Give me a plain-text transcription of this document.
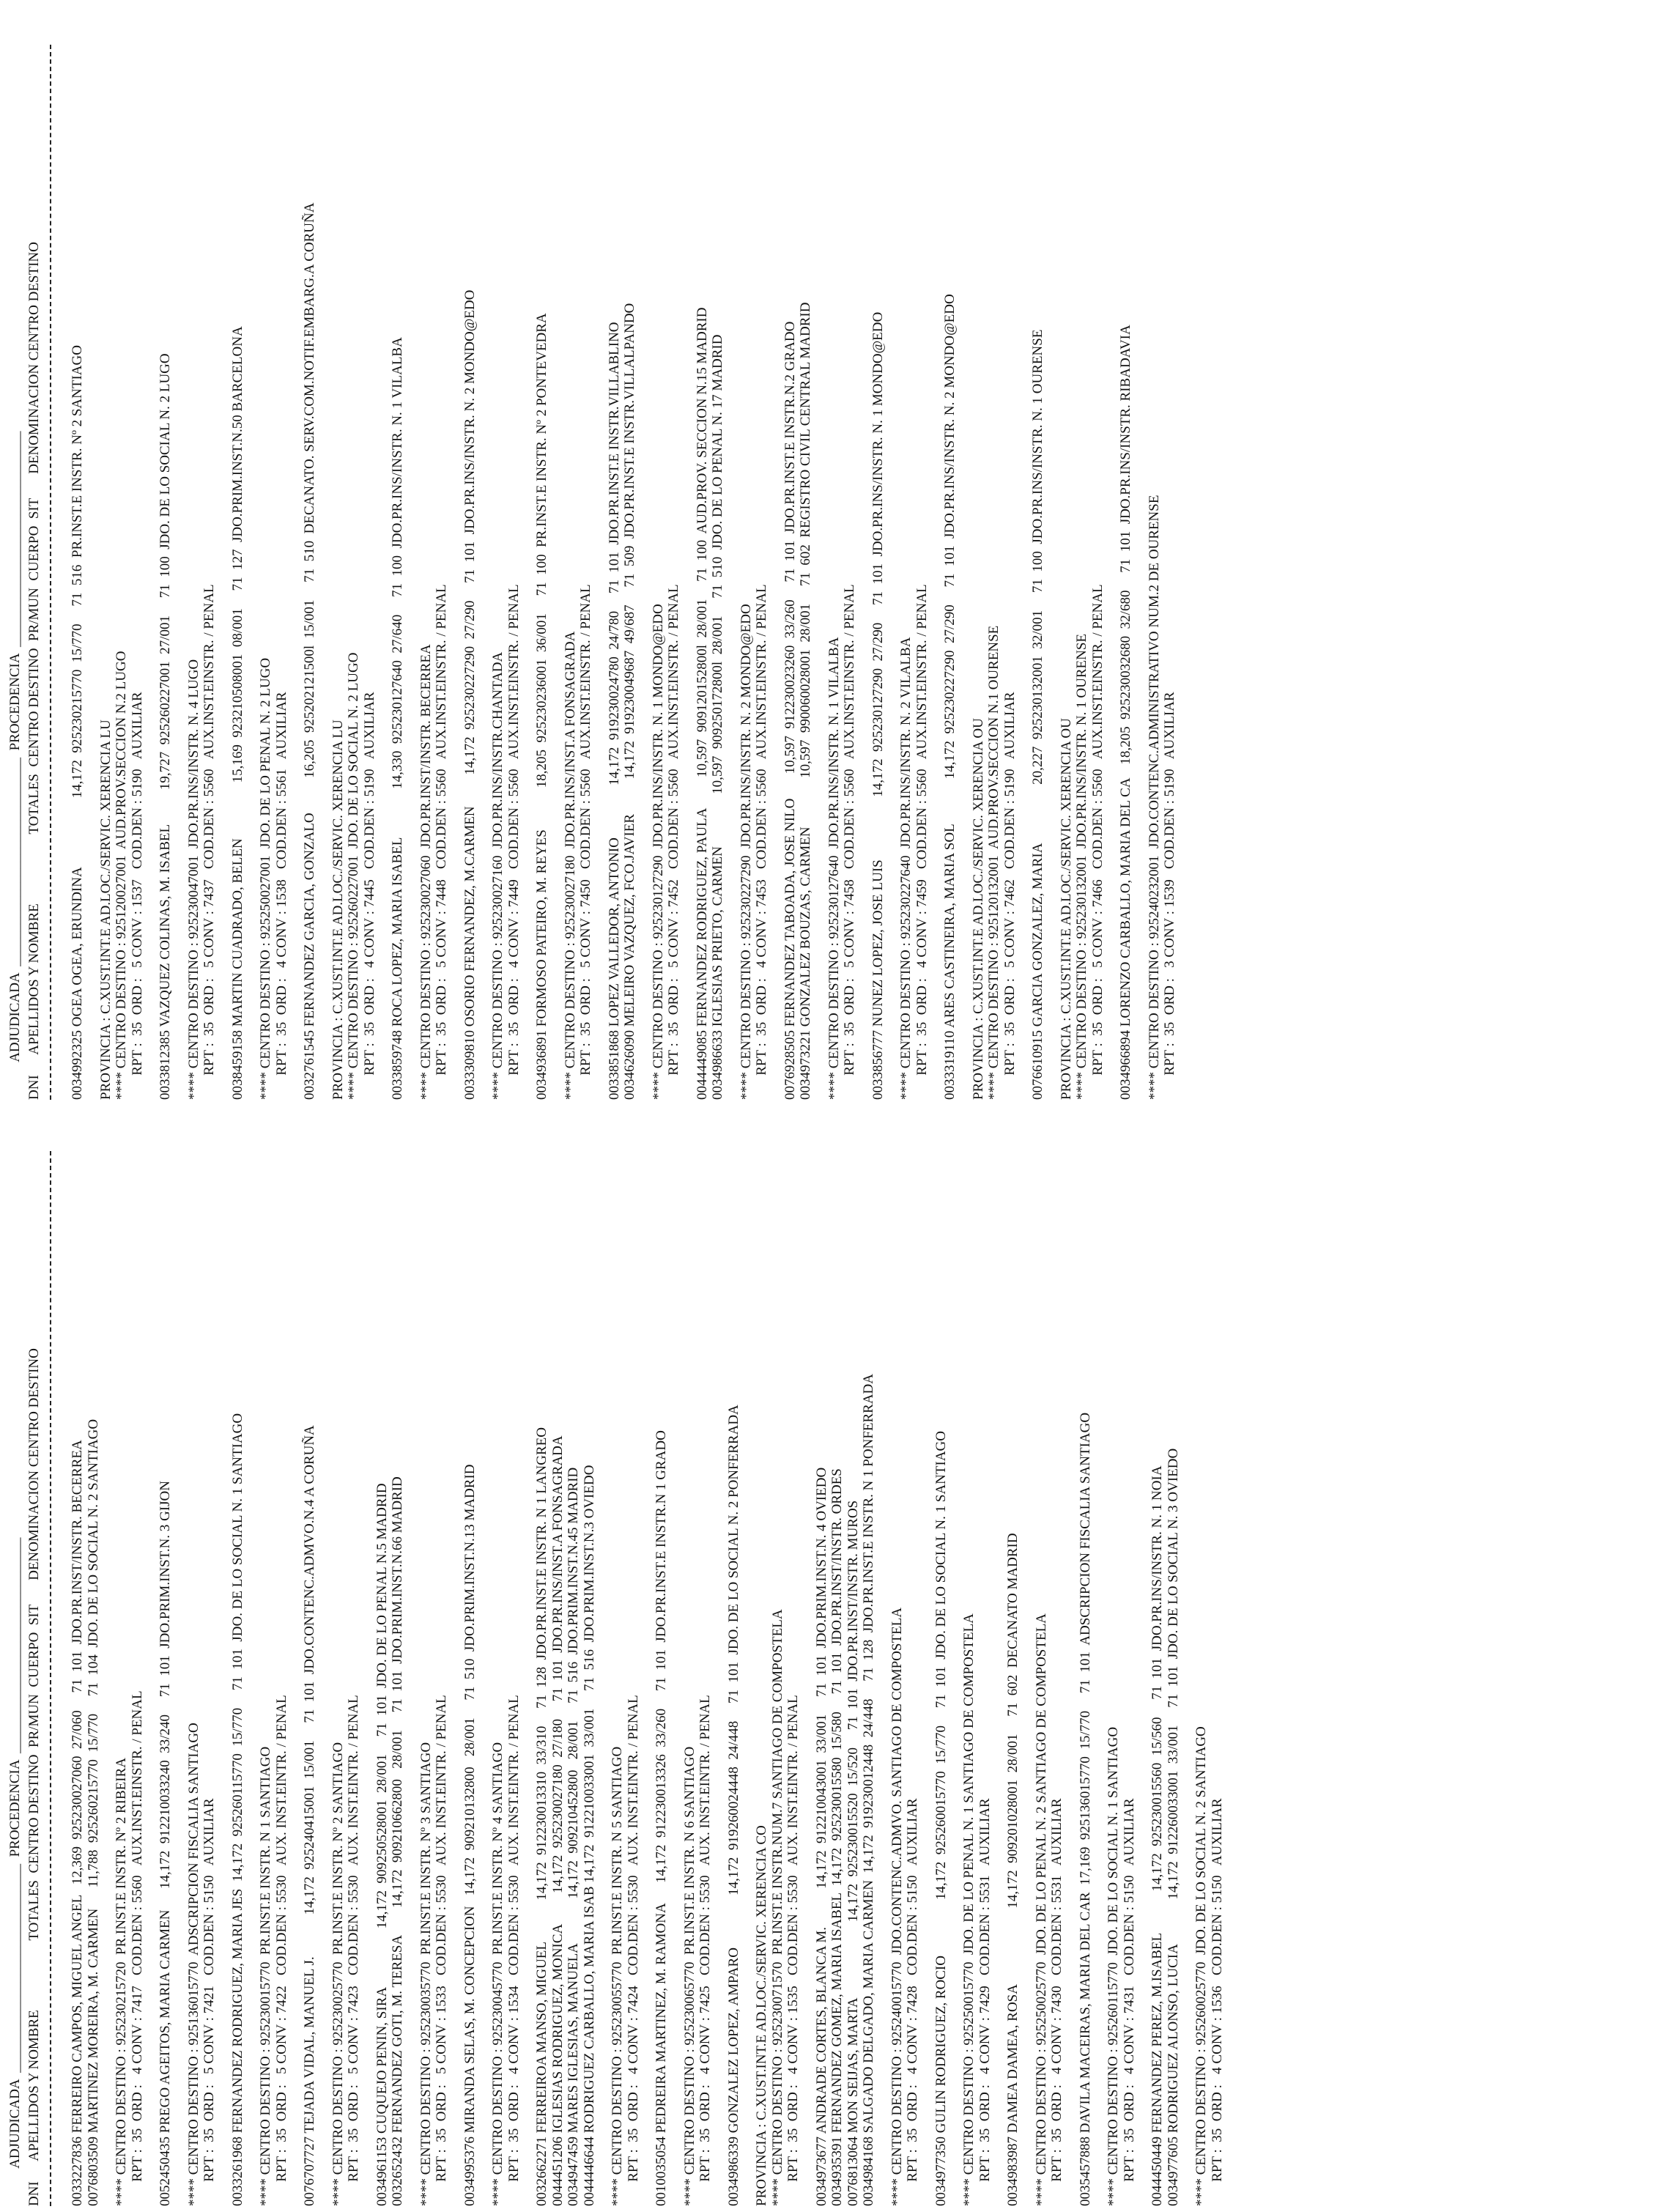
ADJUDICADA  ______________________________  PROCEDENCIA  _______________________________

DNI      APELLIDOS Y NOMBRE                    TOTALES  CENTRO DESTINO  PR/MUN  CUERPO  SIT       DENOMINACION CENTRO DESTINO

0033227836 FERREIRO CAMPOS, MIGUEL ANGEL   12,369  925230027060  27/060     71  101  JDO.PR.INST/INSTR. BECERREA 0076803509 MARTINEZ MOREIRA, M. CARMEN      11,788  925260215770  15/770     71  104  JDO. DE LO SOCIAL N. 2 SANTIAGO **** CENTRO DESTINO : 925230215720  PR.INST.E INSTR. Nº 2 RIBEIRA RPT :  35  ORD :   4 CONV : 7417   COD.DEN : 5560   AUX.INST.EINSTR. / PENAL 0052450435 PREGO AGEITOS, MARIA CARMEN      14,172  912210033240  33/240     71  101  JDO.PRIM.INST.N. 3 GIJON **** CENTRO DESTINO : 925136015770  ADSCRIPCION FISCALIA SANTIAGO RPT :  35  ORD :   5 CONV : 7421   COD.DEN : 5150   AUXILIAR 0033261968 FERNANDEZ RODRIGUEZ, MARIA JES  14,172  925260115770  15/770     71  101  JDO. DE LO SOCIAL N. 1 SANTIAGO **** CENTRO DESTINO : 925230015770  PR.INST.E INSTR. N 1 SANTIAGO RPT :  35  ORD :   5 CONV : 7422   COD.DEN : 5530   AUX. INST.EINTR. / PENAL 0076707727 TEJADA VIDAL, MANUEL J.            14,172  925240415001  15/001     71  101  JDO.CONTENC.ADMVO.N.4 A CORUÑA **** CENTRO DESTINO : 925230025770  PR.INST.E INSTR. Nº 2 SANTIAGO RPT :  35  ORD :   5 CONV : 7423   COD.DEN : 5530   AUX. INST.EINTR. / PENAL 0034961153 CUQUEJO PENIN, SIRA                 14,172  909250528001  28/001     71  101  JDO. DE LO PENAL N.5 MADRID 0032652432 FERNANDEZ GOTI, M. TERESA        14,172  909210662800   28/001     71  101  JDO.PRIM.INST.N.66 MADRID **** CENTRO DESTINO : 925230035770  PR.INST.E INSTR. Nº 3 SANTIAGO RPT :  35  ORD :   5 CONV : 1533   COD.DEN : 5530   AUX. INST.EINTR. / PENAL 0034995376 MIRANDA SELAS, M. CONCEPCION   14,172  909210132800   28/001     71  510  JDO.PRIM.INST.N.13 MADRID **** CENTRO DESTINO : 925230045770  PR.INST.E INSTR. Nº 4 SANTIAGO RPT :  35  ORD :   4 CONV : 1534   COD.DEN : 5530   AUX. INST.EINTR. / PENAL 0032662271 FERREIROA MANSO, MIGUEL            14,172  912230013310  33/310     71  128  JDO.PR.INST.E INSTR. N 1 LANGREO 0044451206 IGLESIAS RODRIGUEZ, MONICA         14,172  925230027180  27/180     71  101  JDO.PR.INS/INST.A FONSAGRADA 0034947459 MARES IGLESIAS, MANUELA             14,172  909210452800   28/001     71  516  JDO.PRIM.INST.N.45 MADRID 0044446644 RODRIGUEZ CARBALLO, MARIA ISAB 14,172  912210033001  33/001     71  516  JDO.PRIM.INST.N.3 OVIEDO **** CENTRO DESTINO : 925230055770  PR.INST.E INSTR. N 5 SANTIAGO RPT :  35  ORD :   4 CONV : 7424   COD.DEN : 5530   AUX. INST.EINTR. / PENAL 0010035054 PEDREIRA MARTINEZ, M. RAMONA      14,172  912230013326  33/260     71  101  JDO.PR.INST.E INSTR.N 1 GRADO **** CENTRO DESTINO : 925230065770  PR.INST.E INSTR. N 6 SANTIAGO RPT :  35  ORD :   4 CONV : 7425   COD.DEN : 5530   AUX. INST.EINTR. / PENAL 0034986339 GONZALEZ LOPEZ, AMPARO               14,172  919260024448  24/448     71  101  JDO. DE LO SOCIAL N. 2 PONFERRADA PROVINCIA : C.XUST.INT.E AD.LOC./SERVIC. XERENCIA CO **** CENTRO DESTINO : 925230071570  PR.INST.E INSTR.NUM.7 SANTIAGO DE COMPOSTELA RPT :  35  ORD :   4 CONV : 1535   COD.DEN : 5530   AUX. INST.EINTR. / PENAL 0034973677 ANDRADE CORTES, BLANCA M.           14,172  912210043001  33/001     71  101  JDO.PRIM.INST.N. 4 OVIEDO 0034935391 FERNANDEZ GOMEZ, MARIA ISABEL  14,172  925230015580  15/580     71  101  JDO.PR.INST/INSTR. ORDES 0076813064 MON SEIJAS, MARTA                      14,172  925230015520  15/520     71  101  JDO.PR.INST/INSTR. MUROS 0034984168 SALGADO DELGADO, MARIA CARMEN  14,172  919230012448  24/448     71  128  JDO.PR.INST.E INSTR. N 1 PONFERRADA **** CENTRO DESTINO : 925240015770  JDO.CONTENC.ADMVO. SANTIAGO DE COMPOSTELA RPT :  35  ORD :   4 CONV : 7428   COD.DEN : 5150   AUXILIAR 0034977350 GULIN RODRIGUEZ, ROCIO                14,172  925260015770  15/770     71  101  JDO. DE LO SOCIAL N. 1 SANTIAGO **** CENTRO DESTINO : 925250015770  JDO. DE LO PENAL N. 1 SANTIAGO DE COMPOSTELA RPT :  35  ORD :   4 CONV : 7429   COD.DEN : 5531   AUXILIAR 0034983987 DAMEA DAMEA, ROSA                      14,172  909201028001  28/001     71  602  DECANATO MADRID **** CENTRO DESTINO : 925250025770  JDO. DE LO PENAL N. 2 SANTIAGO DE COMPOSTELA RPT :  35  ORD :   4 CONV : 7430   COD.DEN : 5531   AUXILIAR 0035457888 DAVILA MACEIRAS, MARIA DEL CAR  17,169  925136015770  15/770     71  101  ADSCRIPCION FISCALIA SANTIAGO **** CENTRO DESTINO : 925260115770  JDO. DE LO SOCIAL N. 1 SANTIAGO RPT :  35  ORD :   4 CONV : 7431   COD.DEN : 5150   AUXILIAR 0044450449 FERNANDEZ PEREZ, M.ISABEL            14,172  925230015560  15/560     71  101  JDO.PR.INS/INSTR. N. 1 NOIA 0034977605 RODRIGUEZ ALONSO, LUCIA             14,172  912260033001  33/001     71  101  JDO. DE LO SOCIAL N. 3 OVIEDO **** CENTRO DESTINO : 925260025770  JDO. DE LO SOCIAL N. 2 SANTIAGO RPT :  35  ORD :   4 CONV : 1536   COD.DEN : 5150   AUXILIAR

ADJUDICADA  ______________________________  PROCEDENCIA  _______________________________

DNI      APELLIDOS Y NOMBRE                    TOTALES  CENTRO DESTINO  PR/MUN  CUERPO  SIT       DENOMINACION CENTRO DESTINO

0034992325 OGEA OGEA, ERUNDINA                    14,172  925230215770  15/770     71  516  PR.INST.E INSTR. Nº 2 SANTIAGO PROVINCIA : C.XUST.INT.E AD.LOC./SERVIC. XERENCIA LU **** CENTRO DESTINO : 925120027001  AUD.PROV.SECCION N.2 LUGO RPT :  35  ORD :   5 CONV : 1537   COD.DEN : 5190   AUXILIAR 0033812385 VAZQUEZ COLINAS, M. ISABEL          19,727  925260227001  27/001     71  100  JDO. DE LO SOCIAL N. 2 LUGO **** CENTRO DESTINO : 925230047001  JDO.PR.INS/INSTR. N. 4 LUGO RPT :  35  ORD :   5 CONV : 7437   COD.DEN : 5560   AUX.INST.EINSTR. / PENAL 0038459158 MARTIN CUADRADO, BELEN                15,169  923210508001  08/001     71  127  JDO.PRIM.INST.N.50 BARCELONA **** CENTRO DESTINO : 925250027001  JDO. DE LO PENAL N. 2 LUGO RPT :  35  ORD :   4 CONV : 1538   COD.DEN : 5561   AUXILIAR 0032761545 FERNANDEZ GARCIA, GONZALO          16,205  925202121500l  15/001     71  510  DECANATO. SERV.COM.NOTIF.EMBARG.A CORUÑA PROVINCIA : C.XUST.INT.E AD.LOC./SERVIC. XERENCIA LU **** CENTRO DESTINO : 925260227001  JDO. DE LO SOCIAL N. 2 LUGO RPT :  35  ORD :   4 CONV : 7445   COD.DEN : 5190   AUXILIAR 0033859748 ROCA LOPEZ, MARIA ISABEL              14,330  925230127640  27/640     71  100  JDO.PR.INS/INSTR. N. 1 VILALBA **** CENTRO DESTINO : 925230027060  JDO.PR.INST/INSTR. BECERREA RPT :  35  ORD :   5 CONV : 7448   COD.DEN : 5560   AUX.INST.EINSTR. / PENAL 0033309810 OSORIO FERNANDEZ, M.CARMEN         14,172  925230227290  27/290     71  101  JDO.PR.INS/INSTR. N. 2 MONDO@EDO **** CENTRO DESTINO : 925230027160  JDO.PR.INS/INSTR.CHANTADA RPT :  35  ORD :   4 CONV : 7449   COD.DEN : 5560   AUX.INST.EINSTR. / PENAL 0034936891 FORMOSO PATEIRO, M. REYES            18,205  925230236001  36/001     71  100  PR.INST.E INSTR. Nº 2 PONTEVEDRA **** CENTRO DESTINO : 925230027180  JDO.PR.INS/INST.A FONSAGRADA RPT :  35  ORD :   5 CONV : 7450   COD.DEN : 5560   AUX.INST.EINSTR. / PENAL 0033851868 LOPEZ VALLEDOR, ANTONIO               14,172  919230024780  24/780     71  101  JDO.PR.INST.E INSTR.VILLABLINO 0034626090 MELEIRO VAZQUEZ, FCO.JAVIER          14,172  919230049687  49/687     71  509  JDO.PR.INST.E INSTR.VILLALPANDO **** CENTRO DESTINO : 925230127290  JDO.PR.INS/INSTR. N. 1 MONDO@EDO RPT :  35  ORD :   5 CONV : 7452   COD.DEN : 5560   AUX.INST.EINSTR. / PENAL 0044449085 FERNANDEZ RODRIGUEZ, PAULA         10,597  909120152800l  28/001     71  100  AUD.PROV. SECCION N.15 MADRID 0034986633 IGLESIAS PRIETO, CARMEN               10,597  909250172800l  28/001     71  510  JDO. DE LO PENAL N. 17 MADRID **** CENTRO DESTINO : 925230227290  JDO.PR.INS/INSTR. N. 2 MONDO@EDO RPT :  35  ORD :   4 CONV : 7453   COD.DEN : 5560   AUX.INST.EINSTR. / PENAL 0076928505 FERNANDEZ TABOADA, JOSE NILO       10,597  912230023260  33/260     71  101  JDO.PR.INST.E INSTR.N.2 GRADO 0034973221 GONZALEZ BOUZAS, CARMEN              10,597  990060028001  28/001     71  602  REGISTRO CIVIL CENTRAL MADRID **** CENTRO DESTINO : 925230127640  JDO.PR.INS/INSTR. N. 1 VILALBA RPT :  35  ORD :   5 CONV : 7458   COD.DEN : 5560   AUX.INST.EINSTR. / PENAL 0033856777 NUNEZ LOPEZ, JOSE LUIS                  14,172  925230127290  27/290     71  101  JDO.PR.INS/INSTR. N. 1 MONDO@EDO **** CENTRO DESTINO : 925230227640  JDO.PR.INS/INSTR. N. 2 VILALBA RPT :  35  ORD :   4 CONV : 7459   COD.DEN : 5560   AUX.INST.EINSTR. / PENAL 0033319110 ARES CASTINEIRA, MARIA SOL             14,172  925230227290  27/290     71  101  JDO.PR.INS/INSTR. N. 2 MONDO@EDO PROVINCIA : C.XUST.INT.E AD.LOC./SERVIC. XERENCIA OU **** CENTRO DESTINO : 925120132001  AUD.PROV.SECCION N.1 OURENSE RPT :  35  ORD :   5 CONV : 7462   COD.DEN : 5190   AUXILIAR 0076610915 GARCIA GONZALEZ, MARIA                 20,227  925230132001  32/001     71  100  JDO.PR.INS/INSTR. N. 1 OURENSE PROVINCIA : C.XUST.INT.E AD.LOC./SERVIC. XERENCIA OU **** CENTRO DESTINO : 925230132001  JDO.PR.INS/INSTR. N. 1 OURENSE RPT :  35  ORD :   5 CONV : 7466   COD.DEN : 5560   AUX.INST.EINSTR. / PENAL 0034966894 LORENZO CARBALLO, MARIA DEL CA    18,205  925230032680  32/680     71  101  JDO.PR.INS/INSTR. RIBADAVIA **** CENTRO DESTINO : 925240232001  JDO.CONTENC.ADMINISTRATIVO NUM.2 DE OURENSE RPT :  35  ORD :   3 CONV : 1539   COD.DEN : 5190   AUXILIAR
